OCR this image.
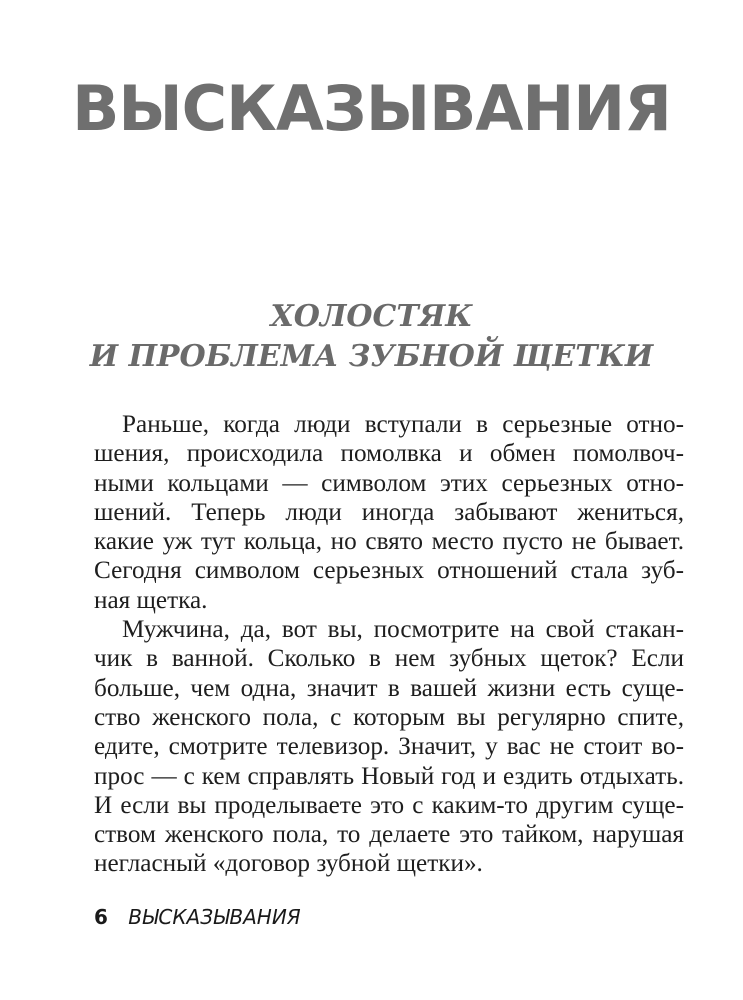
ВЫСКАЗЫВАНИЯ
ХОЛОСТЯК
И ПРОБЛЕМА ЗУБНОЙ ЩЕТКИ
Раньше, когда люди вступали в серьезные отно-
шения, происходила помолвка и обмен помолвоч-
ными кольцами — символом этих серьезных отно-
шений. Теперь люди иногда забывают жениться,
какие уж тут кольца, но свято место пусто не бывает.
Сегодня символом серьезных отношений стала зуб-
ная щетка.
Мужчина, да, вот вы, посмотрите на свой стакан-
чик в ванной. Сколько в нем зубных щеток? Если
больше, чем одна, значит в вашей жизни есть суще-
ство женского пола, с которым вы регулярно спите,
едите, смотрите телевизор. Значит, у вас не стоит во-
прос — с кем справлять Новый год и ездить отдыхать.
И если вы проделываете это с каким-то другим суще-
ством женского пола, то делаете это тайком, нарушая
негласный «договор зубной щетки».
6 ВЫСКАЗЫВАНИЯ
